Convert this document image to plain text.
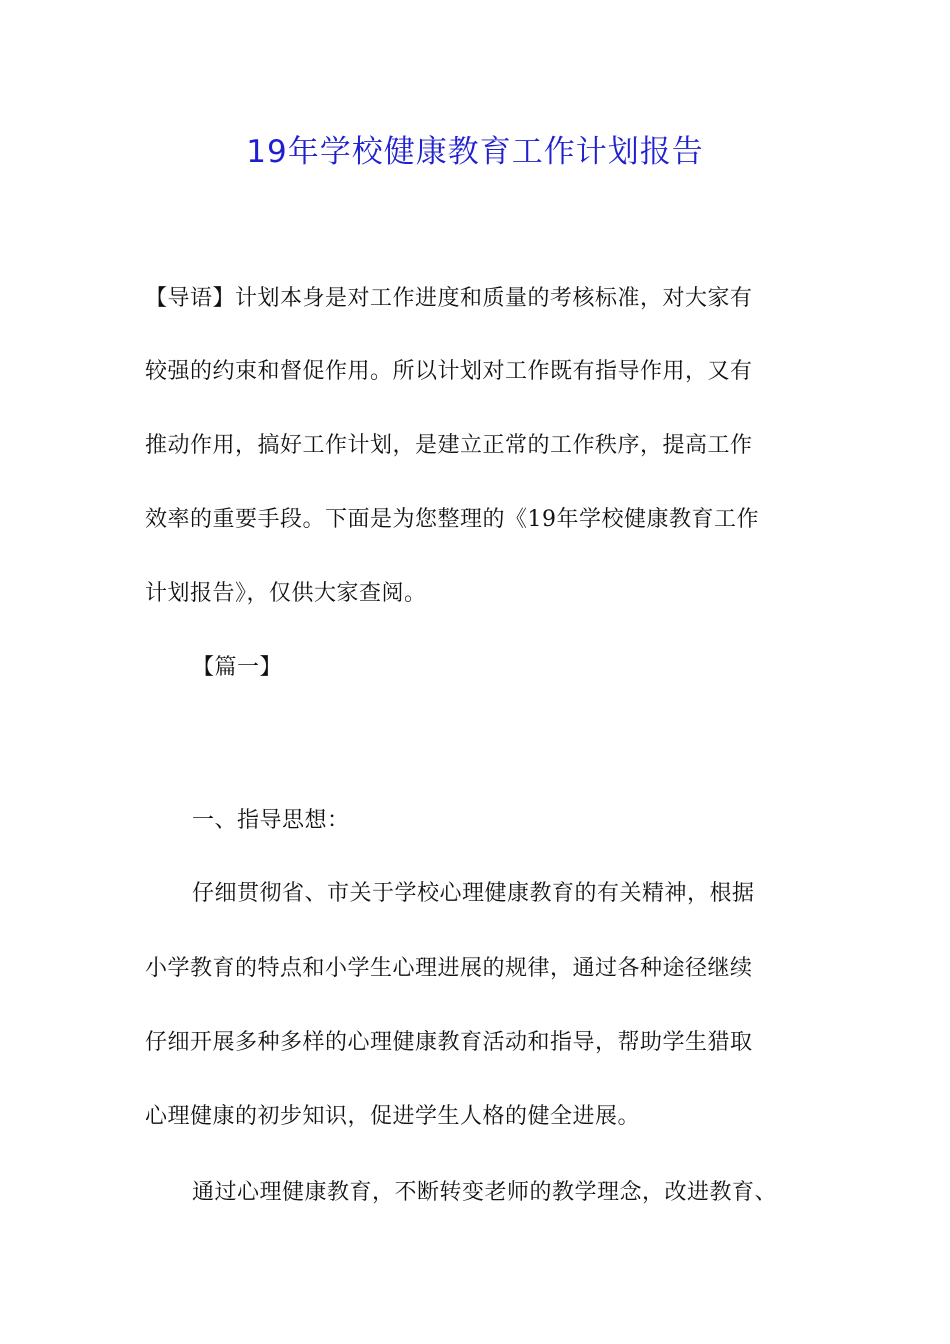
19年学校健康教育工作计划报告
【导语】计划本身是对工作进度和质量的考核标准，对大家有
较强的约束和督促作用。所以计划对工作既有指导作用，又有
推动作用，搞好工作计划，是建立正常的工作秩序，提高工作
效率的重要手段。下面是为您整理的《19年学校健康教育工作
计划报告》，仅供大家查阅。
【篇一】
一、指导思想：
仔细贯彻省、市关于学校心理健康教育的有关精神，根据
小学教育的特点和小学生心理进展的规律，通过各种途径继续
仔细开展多种多样的心理健康教育活动和指导，帮助学生猎取
心理健康的初步知识，促进学生人格的健全进展。
通过心理健康教育，不断转变老师的教学理念，改进教育、
